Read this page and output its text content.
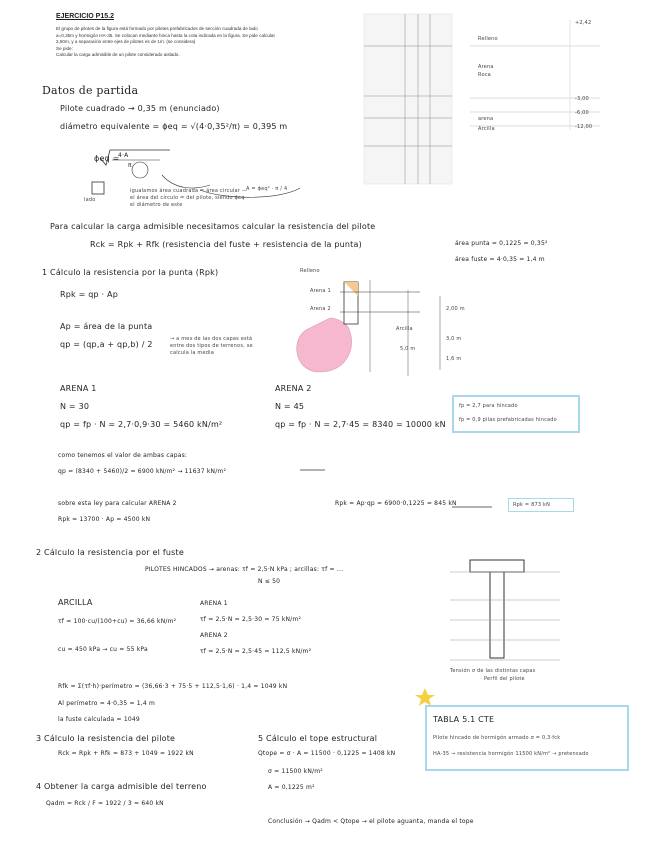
EJERCICIO P15.2
El grupo de pilotes de la figura está formado por pilotes prefabricados de sección cuadrada de lado
a=0,35m y hormigón HA-35. Se colocan mediante hinca hasta la cota indicada en la figura. Se pide calcular
2,60m, y a separación entre ejes de pilotes es de 1m. (se considera)
Se pide:
Calcular la carga admisible de un pilote considerado aislado.
+2,42
-3,00
-6,00
-12,00
Relleno
Arena
arena
Arcilla
Roca
Datos de partida
Pilote cuadrado → 0,35 m (enunciado)
diámetro equivalente = ϕeq = √(4·0,35²/π) = 0,395 m
ϕeq =
4·A
π
lado
igualamos área cuadrada = área circular — el área del círculo = del pilote, siendo ϕeq el diámetro de este
A = ϕeq² · π / 4
Para calcular la carga admisible necesitamos calcular la resistencia del pilote
Rck = Rpk + Rfk (resistencia del fuste + resistencia de la punta)	área punta = 0,1225 = 0,35²
área fuste = 4·0,35 = 1,4 m
1 Cálculo la resistencia por la punta (Rpk)
Rpk = qp · Ap
Ap = área de la punta
qp = (qp,a + qp,b) / 2
→ a mes de las dos capas está entre dos tipos de terrenos, se calcula la media
Relleno
Arena 1
Arena 2
Arcilla
2,00 m
3,0 m
1,6 m
5,0 m
ARENA 1
N = 30
qp = fp · N = 2,7·0,9·30 = 5460 kN/m²
ARENA 2
N = 45
qp = fp · N = 2,7·45 = 8340 = 10000 kN
fp = 2,7 para hincado
fp = 0,9 pilas prefabricadas hincado
como tenemos el valor de ambas capas:
qp = (8340 + 5460)/2 = 6900 kN/m² → 11637 kN/m²
Rpk = Ap·qp = 6900·0,1225 = 845 kN	Rpk = 873 kN
sobre esta ley para calcular ARENA 2
Rpk = 13700 · Ap = 4500 kN
2 Cálculo la resistencia por el fuste
PILOTES HINCADOS → arenas: τf = 2,5·N kPa ; arcillas: τf = ...
N ≤ 50
ARCILLA
τf = 100·cu/(100+cu) = 36,66 kN/m²
cu = 450 kPa → cu = 55 kPa
ARENA 1
τf = 2,5·N = 2,5·30 = 75 kN/m²
ARENA 2
τf = 2,5·N = 2,5·45 = 112,5 kN/m²
Tensión σ de las distintas capas
Perfil del pilote
Rfk = Σ(τf·h)·perímetro = (36,66·3 + 75·5 + 112,5·1,6) · 1,4 = 1049 kN
Al perímetro = 4·0,35 = 1,4 m
la fuste calculada = 1049
3 Cálculo la resistencia del pilote
Rck = Rpk + Rfk = 873 + 1049 = 1922 kN
4 Obtener la carga admisible del terreno
Qadm = Rck / F = 1922 / 3 = 640 kN
5 Cálculo el tope estructural
Qtope = σ · A = 11500 · 0,1225 = 1408 kN
σ = 11500 kN/m²
A = 0,1225 m²
Conclusión → Qadm < Qtope → el pilote aguanta, manda el tope
TABLA 5.1 CTE
Pilote hincado de hormigón armado σ = 0,3·fck
HA-35 → resistencia hormigón 11500 kN/m² → pretensado
